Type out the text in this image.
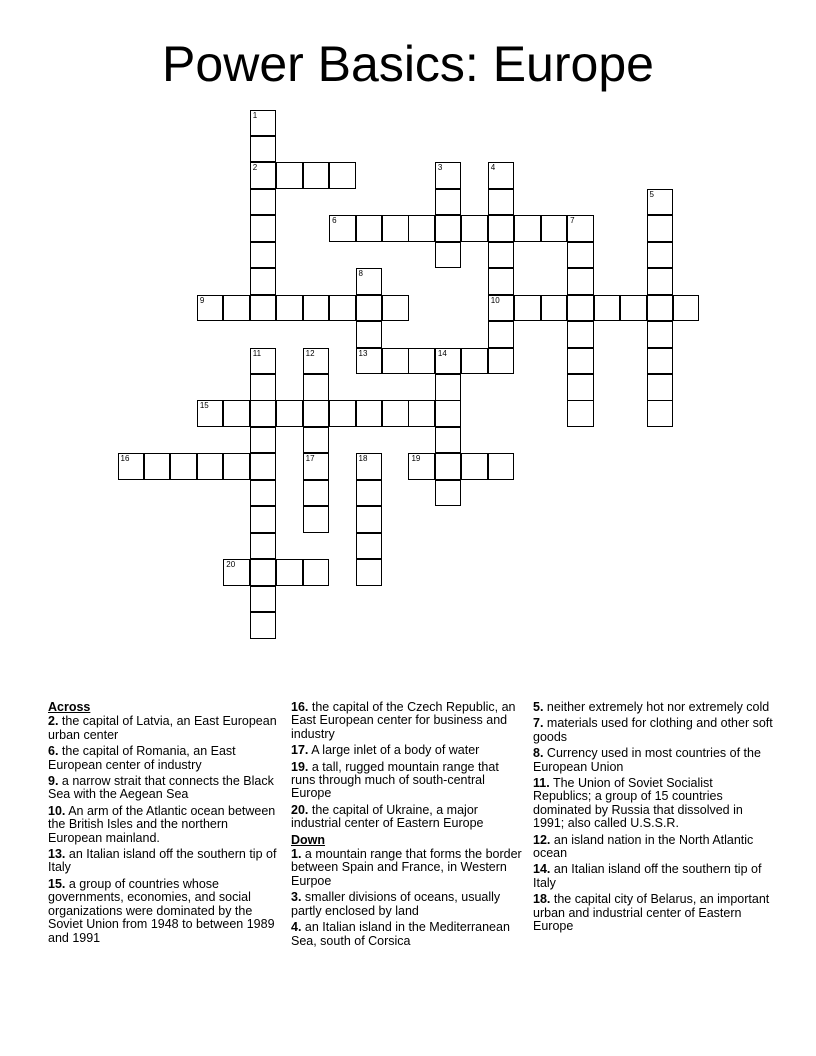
Power Basics: Europe
1
2	3	4
10
5
6	7
8
13
9
11	12	14
15
16	17	18	19
20
Across
2. the capital of Latvia, an East European urban center
6. the capital of Romania, an East European center of industry
9. a narrow strait that connects the Black Sea with the Aegean Sea
10. An arm of the Atlantic ocean between the British Isles and the northern European mainland.
13. an Italian island off the southern tip of Italy
15. a group of countries whose governments, economies, and social organizations were dominated by the Soviet Union from 1948 to between 1989 and 1991
16. the capital of the Czech Republic, an East European center for business and industry
17. A large inlet of a body of water
19. a tall, rugged mountain range that runs through much of south-central Europe
20. the capital of Ukraine, a major industrial center of Eastern Europe
Down
1. a mountain range that forms the border between Spain and France, in Western Eurpoe
3. smaller divisions of oceans, usually partly enclosed by land
4. an Italian island in the Mediterranean Sea, south of Corsica
5. neither extremely hot nor extremely cold
7. materials used for clothing and other soft goods
8. Currency used in most countries of the European Union
11. The Union of Soviet Socialist Republics; a group of 15 countries dominated by Russia that dissolved in 1991; also called U.S.S.R.
12. an island nation in the North Atlantic ocean
14. an Italian island off the southern tip of Italy
18. the capital city of Belarus, an important urban and industrial center of Eastern Europe
